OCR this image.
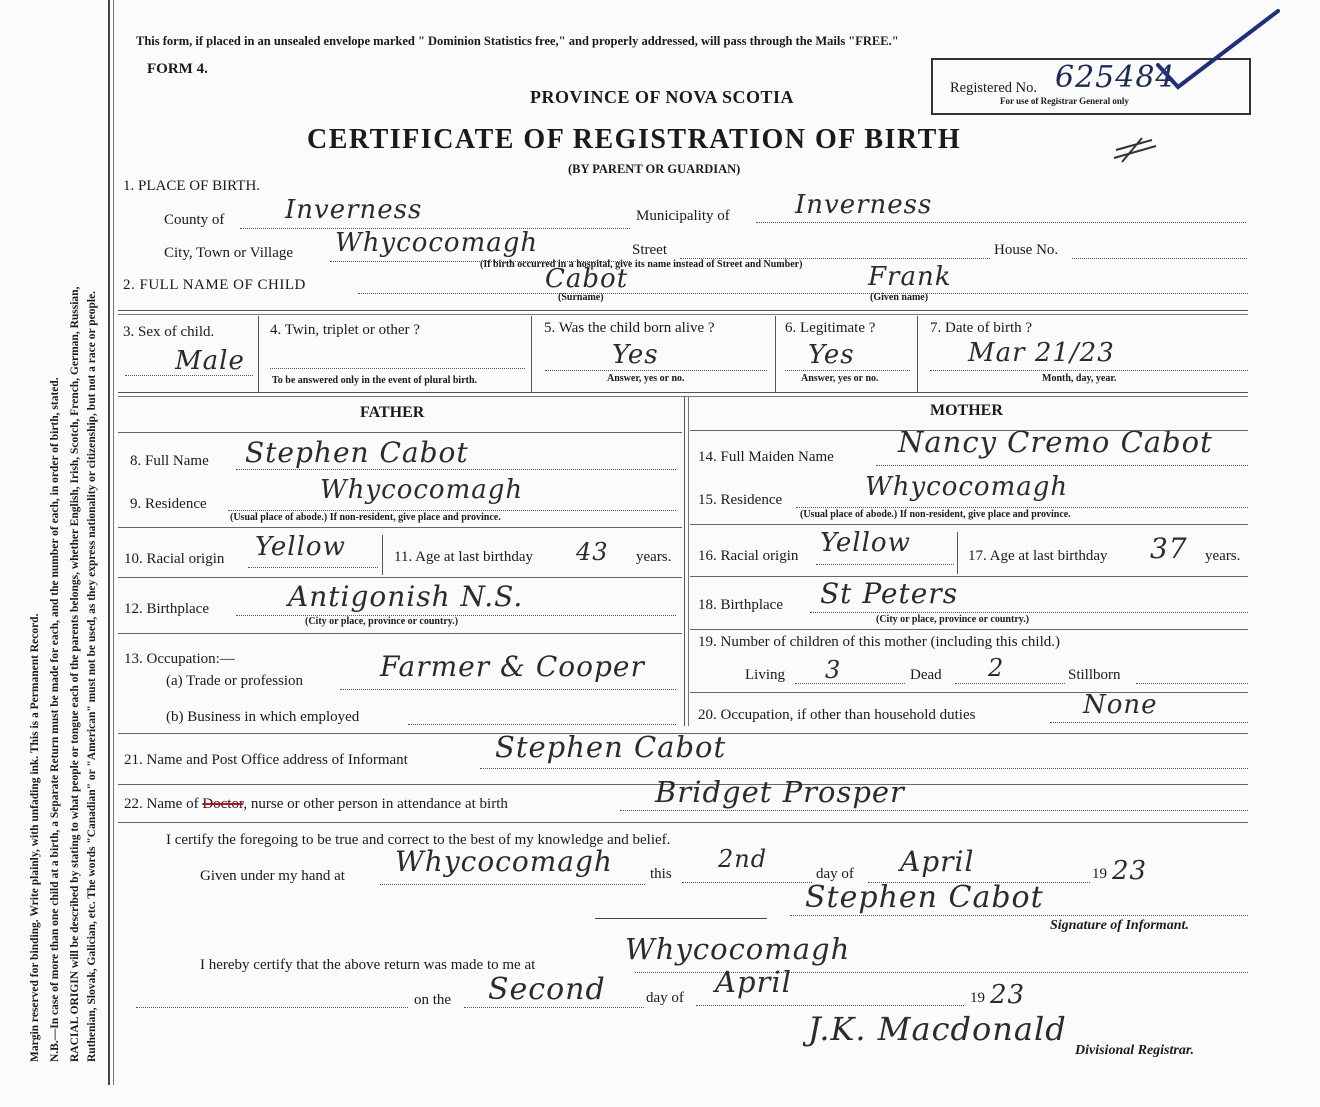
Margin reserved for binding. Write plainly, with unfading ink. This is a Permanent Record. N.B.—In case of more than one child at a birth, a Separate Return must be made for each, and the number of each, in order of birth, stated. RACIAL ORIGIN will be described by stating to what people or tongue each of the parents belongs, whether English, Irish, Scotch, French, German, Russian, Ruthenian, Slovak, Galician, etc. The words "Canadian" or "American" must not be used, as they express nationality or citizenship, but not a race or people.
This form, if placed in an unsealed envelope marked " Dominion Statistics free," and properly addressed, will pass through the Mails "FREE."
FORM 4.
PROVINCE OF NOVA SCOTIA
CERTIFICATE OF REGISTRATION OF BIRTH
(BY PARENT OR GUARDIAN)
Registered No. 625484
For use of Registrar General only
1. PLACE OF BIRTH.
County of Inverness	Municipality of	Inverness
City, Town or Village Whycocomagh	Street	House No.
(If birth occurred in a hospital, give its name instead of Street and Number)
2. FULL NAME OF CHILD	Cabot
(Surname)
Frank
(Given name)
3. Sex of child.
Male
4. Twin, triplet or other ?
To be answered only in the event of plural birth.
5. Was the child born alive ?
Yes
Answer, yes or no.
6. Legitimate ?
Yes
Answer, yes or no.
7. Date of birth ?
Mar 21/23
Month, day, year.
FATHER	MOTHER
8. Full Name Stephen Cabot
9. Residence	Whycocomagh
(Usual place of abode.) If non-resident, give place and province.
10. Racial origin Yellow	11. Age at last birthday 43 years.
12. Birthplace	Antigonish N.S.
(City or place, province or country.)
13. Occupation:—
(a) Trade or profession	Farmer & Cooper
(b) Business in which employed
14. Full Maiden Name Nancy Cremo Cabot
15. Residence	Whycocomagh
(Usual place of abode.) If non-resident, give place and province.
16. Racial origin Yellow	17. Age at last birthday 37 years.
18. Birthplace St Peters
(City or place, province or country.)
19. Number of children of this mother (including this child.)
Living 3	Dead 2	Stillborn
20. Occupation, if other than household duties	None
21. Name and Post Office address of Informant	Stephen Cabot
22. Name of Doctor, nurse or other person in attendance at birth	Bridget Prosper
I certify the foregoing to be true and correct to the best of my knowledge and belief.
Given under my hand at Whycocomagh this
2nd
day of April	19 23
Stephen Cabot
Signature of Informant.
I hereby certify that the above return was made to me at	Whycocomagh
on the Second	day of April	19 23
J.K. Macdonald
Divisional Registrar.
